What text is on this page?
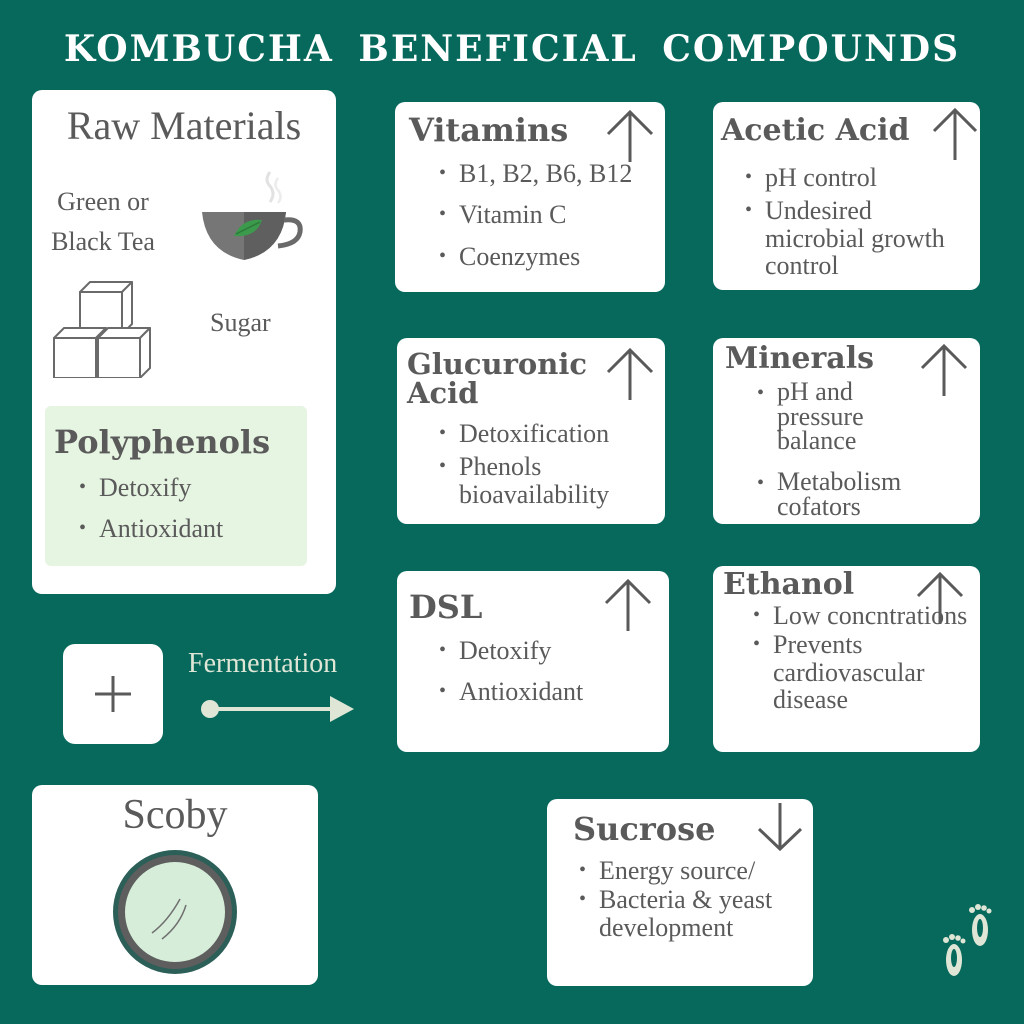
KOMBUCHA BENEFICIAL COMPOUNDS
Raw Materials
Green or
Black Tea
Sugar
Polyphenols
• Detoxify
• Antioxidant
Fermentation
Scoby
Vitamins
• B1, B2, B6, B12
• Vitamin C
• Coenzymes
Acetic Acid
• pH control
• Undesired microbial growth control
Glucuronic
Acid
• Detoxification
• Phenols bioavailability
Minerals
• pH and pressure balance
• Metabolism cofators
DSL
• Detoxify
• Antioxidant
Ethanol
• Low concntrations
• Prevents cardiovascular disease
Sucrose
• Energy source/
• Bacteria & yeast development
